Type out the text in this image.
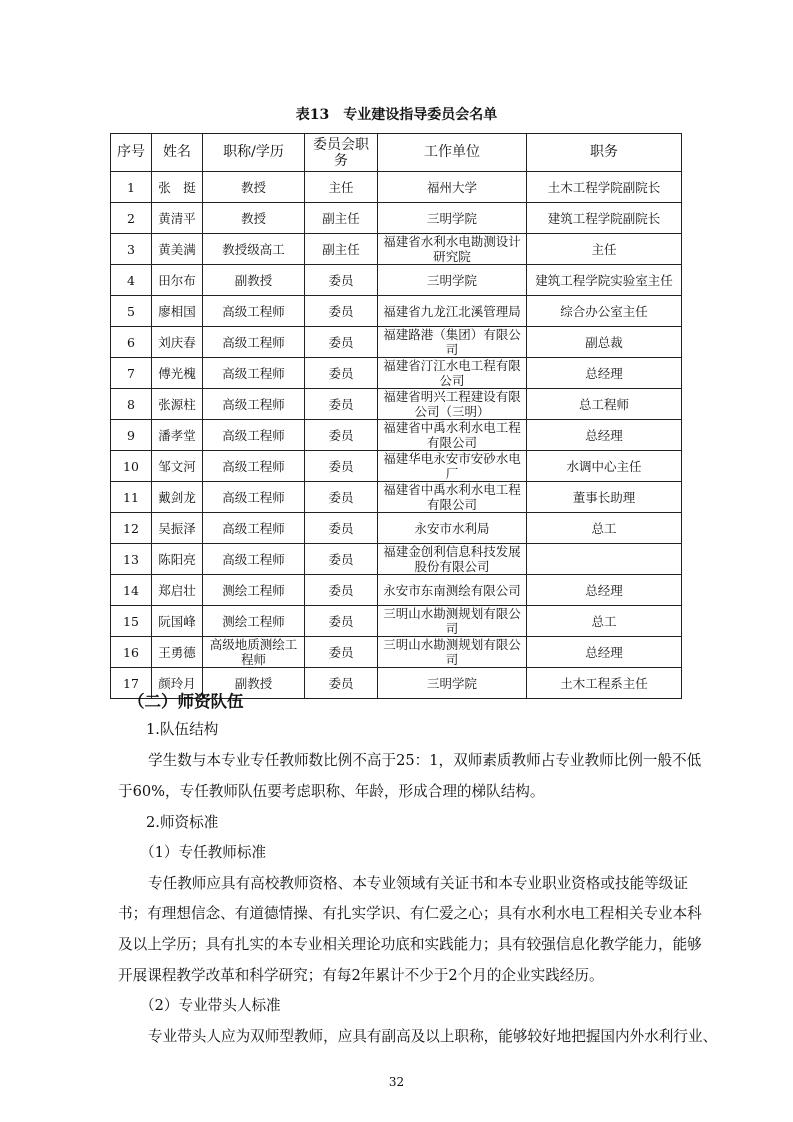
表13　专业建设指导委员会名单
序号	姓名	职称/学历	委员会职务	工作单位	职务
1	张　挺	教授	主任	福州大学	土木工程学院副院长
2	黄清平	教授	副主任	三明学院	建筑工程学院副院长
3	黄美满	教授级高工	副主任	福建省水利水电勘测设计研究院	主任
4	田尔布	副教授	委员	三明学院	建筑工程学院实验室主任
5	廖相国	高级工程师	委员	福建省九龙江北溪管理局	综合办公室主任
6	刘庆春	高级工程师	委员	福建路港（集团）有限公司	副总裁
7	傅光槐	高级工程师	委员	福建省汀江水电工程有限公司	总经理
8	张源柱	高级工程师	委员	福建省明兴工程建设有限公司（三明）	总工程师
9	潘孝堂	高级工程师	委员	福建省中禹水利水电工程有限公司	总经理
10	邹文河	高级工程师	委员	福建华电永安市安砂水电厂	水调中心主任
11	戴剑龙	高级工程师	委员	福建省中禹水利水电工程有限公司	董事长助理
12	吴振泽	高级工程师	委员	永安市水利局	总工
13	陈阳亮	高级工程师	委员	福建金创利信息科技发展股份有限公司	
14	郑启壮	测绘工程师	委员	永安市东南测绘有限公司	总经理
15	阮国峰	测绘工程师	委员	三明山水勘测规划有限公司	总工
16	王勇德	高级地质测绘工程师	委员	三明山水勘测规划有限公司	总经理
17	颜玲月	副教授	委员	三明学院	土木工程系主任
（二）师资队伍
1.队伍结构
学生数与本专业专任教师数比例不高于25：1，双师素质教师占专业教师比例一般不低
于60%，专任教师队伍要考虑职称、年龄，形成合理的梯队结构。
2.师资标准
（1）专任教师标准
专任教师应具有高校教师资格、本专业领域有关证书和本专业职业资格或技能等级证
书；有理想信念、有道德情操、有扎实学识、有仁爱之心；具有水利水电工程相关专业本科
及以上学历；具有扎实的本专业相关理论功底和实践能力；具有较强信息化教学能力，能够
开展课程教学改革和科学研究；有每2年累计不少于2个月的企业实践经历。
（2）专业带头人标准
专业带头人应为双师型教师，应具有副高及以上职称，能够较好地把握国内外水利行业、
32
